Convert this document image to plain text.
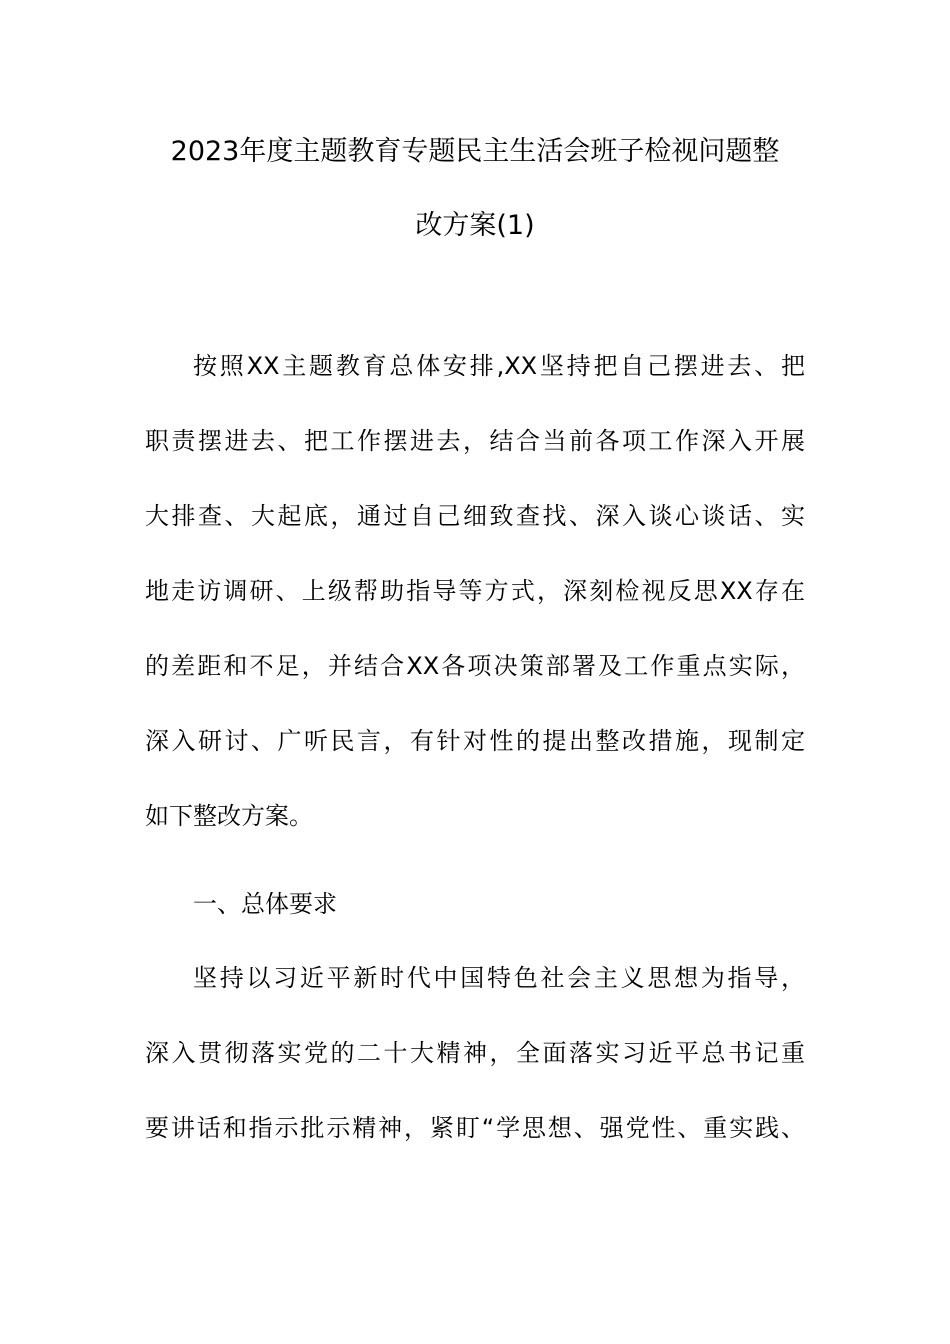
2023年度主题教育专题民主生活会班子检视问题整
改方案(1)
按照XX主题教育总体安排,XX坚持把自己摆进去、把
职责摆进去、把工作摆进去，结合当前各项工作深入开展
大排查、大起底，通过自己细致查找、深入谈心谈话、实
地走访调研、上级帮助指导等方式，深刻检视反思XX存在
的差距和不足，并结合XX各项决策部署及工作重点实际，
深入研讨、广听民言，有针对性的提出整改措施，现制定
如下整改方案。
一、总体要求
坚持以习近平新时代中国特色社会主义思想为指导，
深入贯彻落实党的二十大精神，全面落实习近平总书记重
要讲话和指示批示精神，紧盯“学思想、强党性、重实践、
